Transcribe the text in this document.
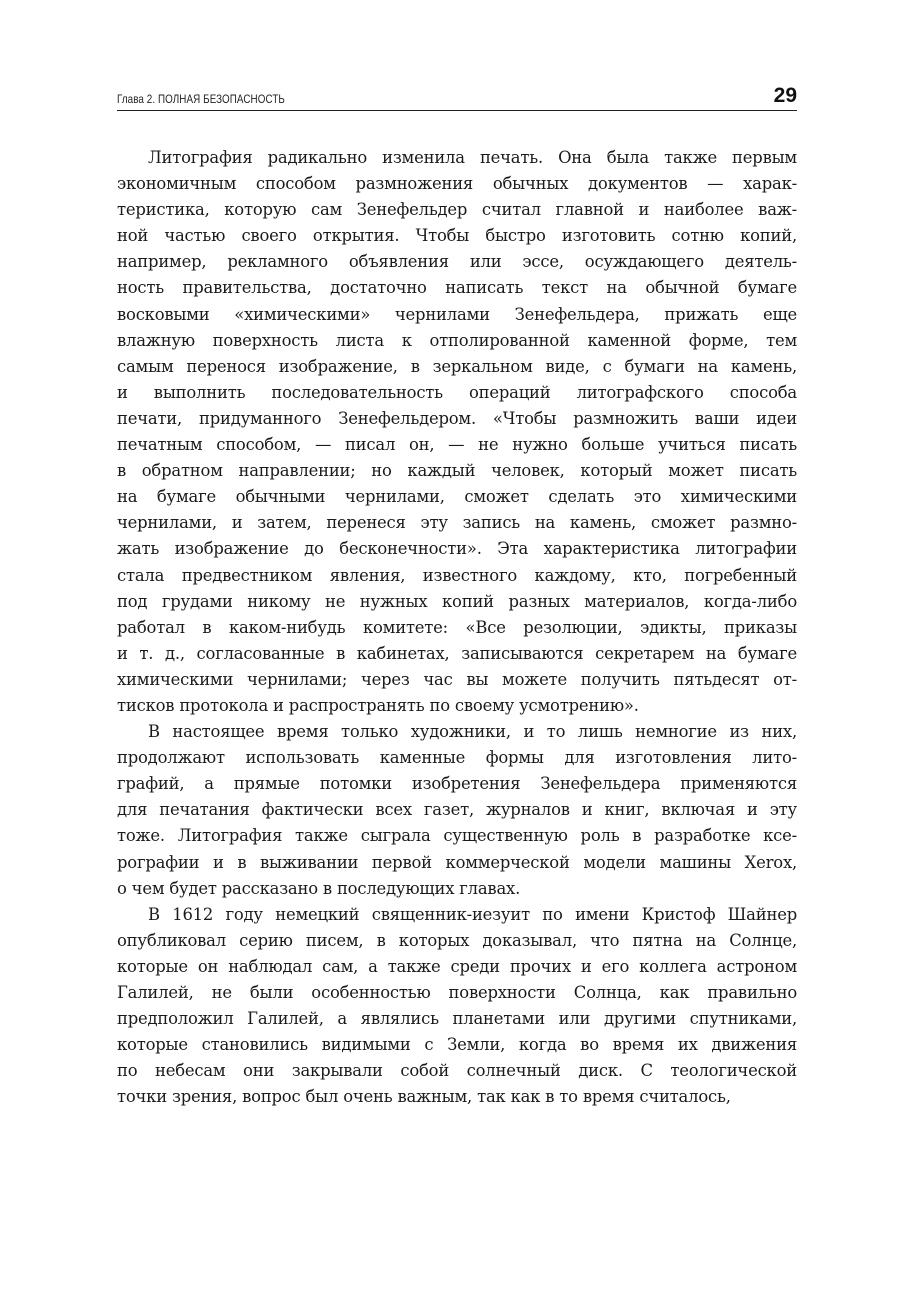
Глава 2. ПОЛНАЯ БЕЗОПАСНОСТЬ	29
Литография радикально изменила печать. Она была также первым
экономичным способом размножения обычных документов — харак-
теристика, которую сам Зенефельдер считал главной и наиболее важ-
ной частью своего открытия. Чтобы быстро изготовить сотню копий,
например, рекламного объявления или эссе, осуждающего деятель-
ность правительства, достаточно написать текст на обычной бумаге
восковыми «химическими» чернилами Зенефельдера, прижать еще
влажную поверхность листа к отполированной каменной форме, тем
самым перенося изображение, в зеркальном виде, с бумаги на камень,
и выполнить последовательность операций литографского способа
печати, придуманного Зенефельдером. «Чтобы размножить ваши идеи
печатным способом, — писал он, — не нужно больше учиться писать
в обратном направлении; но каждый человек, который может писать
на бумаге обычными чернилами, сможет сделать это химическими
чернилами, и затем, перенеся эту запись на камень, сможет размно-
жать изображение до бесконечности». Эта характеристика литографии
стала предвестником явления, известного каждому, кто, погребенный
под грудами никому не нужных копий разных материалов, когда-либо
работал в каком-нибудь комитете: «Все резолюции, эдикты, приказы
и т. д., согласованные в кабинетах, записываются секретарем на бумаге
химическими чернилами; через час вы можете получить пятьдесят от-
тисков протокола и распространять по своему усмотрению».
В настоящее время только художники, и то лишь немногие из них,
продолжают использовать каменные формы для изготовления лито-
графий, а прямые потомки изобретения Зенефельдера применяются
для печатания фактически всех газет, журналов и книг, включая и эту
тоже. Литография также сыграла существенную роль в разработке ксе-
рографии и в выживании первой коммерческой модели машины Xerox,
о чем будет рассказано в последующих главах.
В 1612 году немецкий священник-иезуит по имени Кристоф Шайнер
опубликовал серию писем, в которых доказывал, что пятна на Солнце,
которые он наблюдал сам, а также среди прочих и его коллега астроном
Галилей, не были особенностью поверхности Солнца, как правильно
предположил Галилей, а являлись планетами или другими спутниками,
которые становились видимыми с Земли, когда во время их движения
по небесам они закрывали собой солнечный диск. С теологической
точки зрения, вопрос был очень важным, так как в то время считалось,
